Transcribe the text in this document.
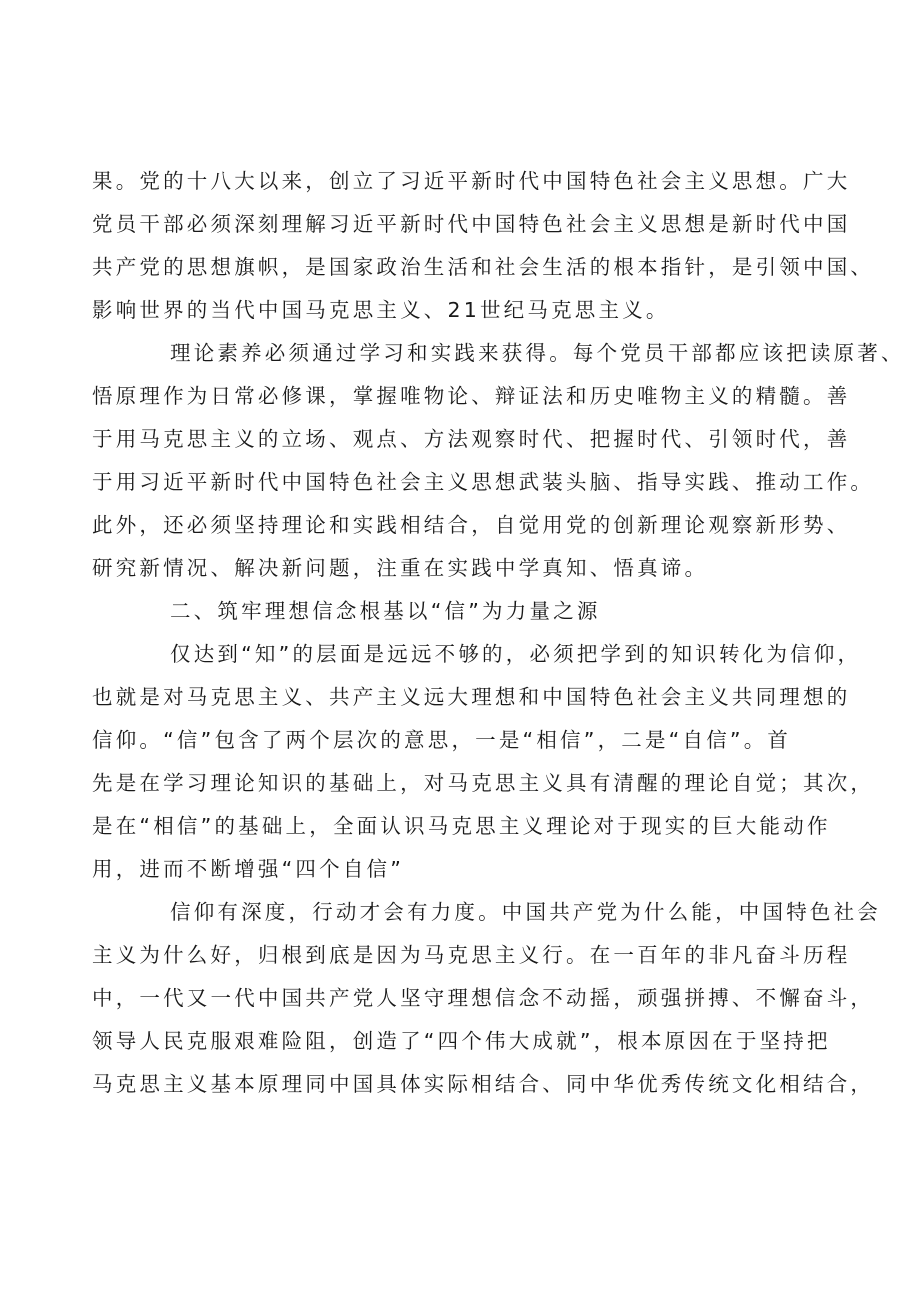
果。党的十八大以来，创立了习近平新时代中国特色社会主义思想。广大
党员干部必须深刻理解习近平新时代中国特色社会主义思想是新时代中国
共产党的思想旗帜，是国家政治生活和社会生活的根本指针，是引领中国、
影响世界的当代中国马克思主义、21世纪马克思主义。
理论素养必须通过学习和实践来获得。每个党员干部都应该把读原著、
悟原理作为日常必修课，掌握唯物论、辩证法和历史唯物主义的精髓。善
于用马克思主义的立场、观点、方法观察时代、把握时代、引领时代，善
于用习近平新时代中国特色社会主义思想武装头脑、指导实践、推动工作。
此外，还必须坚持理论和实践相结合，自觉用党的创新理论观察新形势、
研究新情况、解决新问题，注重在实践中学真知、悟真谛。
二、筑牢理想信念根基以“信”为力量之源
仅达到“知”的层面是远远不够的，必须把学到的知识转化为信仰，
也就是对马克思主义、共产主义远大理想和中国特色社会主义共同理想的
信仰。“信”包含了两个层次的意思，一是“相信”，二是“自信”。首
先是在学习理论知识的基础上，对马克思主义具有清醒的理论自觉；其次，
是在“相信”的基础上，全面认识马克思主义理论对于现实的巨大能动作
用，进而不断增强“四个自信”
信仰有深度，行动才会有力度。中国共产党为什么能，中国特色社会
主义为什么好，归根到底是因为马克思主义行。在一百年的非凡奋斗历程
中，一代又一代中国共产党人坚守理想信念不动摇，顽强拼搏、不懈奋斗，
领导人民克服艰难险阻，创造了“四个伟大成就”，根本原因在于坚持把
马克思主义基本原理同中国具体实际相结合、同中华优秀传统文化相结合，
